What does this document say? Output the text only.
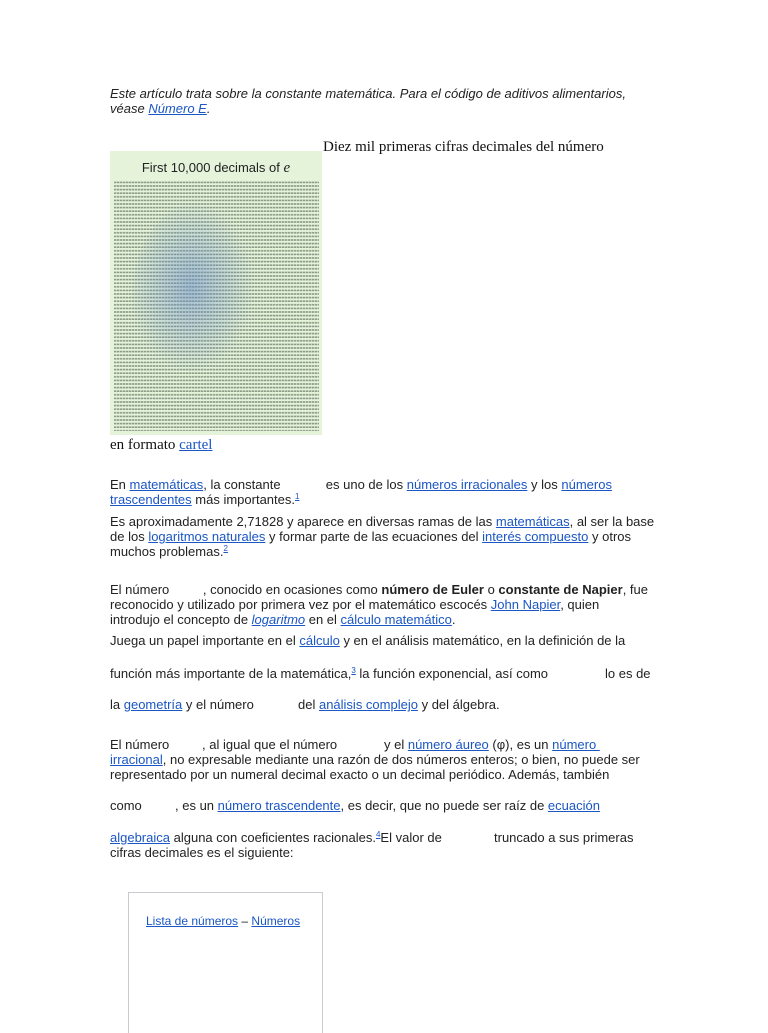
Este artículo trata sobre la constante matemática. Para el código de aditivos alimentarios, véase Número E.
Diez mil primeras cifras decimales del número
First 10,000 decimals of e
en formato cartel
En matemáticas, la constante	es uno de los números irracionales y los números trascendentes más importantes.$^1$
Es aproximadamente 2,71828 y aparece en diversas ramas de las matemáticas, al ser la base de los logaritmos naturales y formar parte de las ecuaciones del interés compuesto y otros muchos problemas.$^2$
El número , conocido en ocasiones como número de Euler o constante de Napier, fue reconocido y utilizado por primera vez por el matemático escocés John Napier, quien introdujo el concepto de logaritmo en el cálculo matemático.
Juega un papel importante en el cálculo y en el análisis matemático, en la definición de la
función más importante de la matemática,$^3$ la función exponencial, así como	lo es de
la geometría y el número	del análisis complejo y del álgebra.
El número	, al igual que el número	y el número áureo (φ), es un número
irracional, no expresable mediante una razón de dos números enteros; o bien, no puede ser representado por un numeral decimal exacto o un decimal periódico. Además, también
como	, es un número trascendente, es decir, que no puede ser raíz de ecuación
algebraica alguna con coeficientes racionales.$^4$El valor de	truncado a sus primeras cifras decimales es el siguiente:
Lista de números – Números
